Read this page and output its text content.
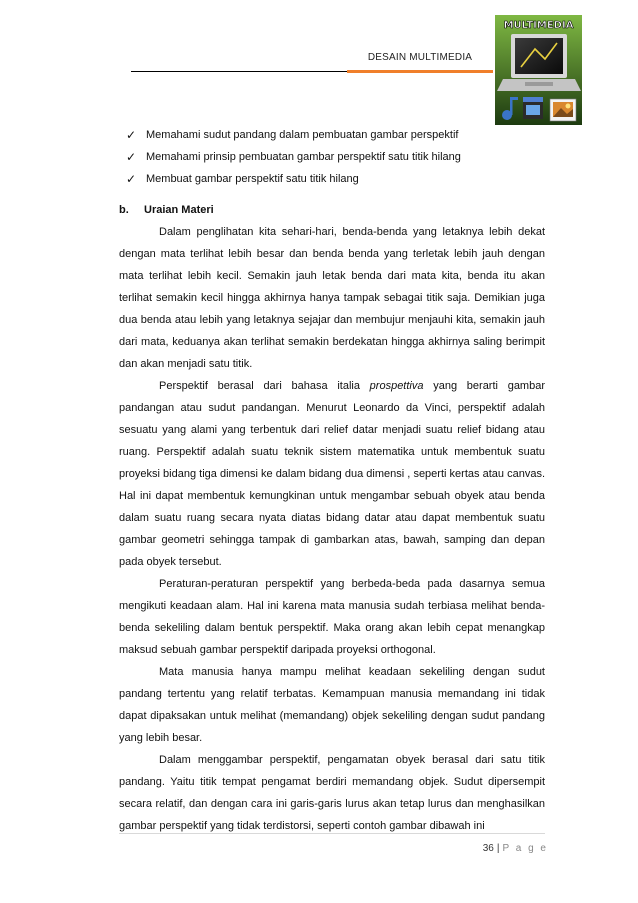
DESAIN MULTIMEDIA
MULTIMEDIA
✓ Memahami sudut pandang dalam pembuatan gambar perspektif
✓ Memahami prinsip pembuatan gambar perspektif satu titik hilang
✓ Membuat gambar perspektif satu titik hilang
b. Uraian Materi

Dalam penglihatan kita sehari-hari, benda-benda yang letaknya lebih dekat dengan mata terlihat lebih besar dan benda benda yang terletak lebih jauh dengan mata terlihat lebih kecil. Semakin jauh letak benda dari mata kita, benda itu akan terlihat semakin kecil hingga akhirnya hanya tampak sebagai titik saja. Demikian juga dua benda atau lebih yang letaknya sejajar dan membujur menjauhi kita, semakin jauh dari mata, keduanya akan terlihat semakin berdekatan hingga akhirnya saling berimpit dan akan menjadi satu titik.

Perspektif berasal dari bahasa italia prospettiva yang berarti gambar pandangan atau sudut pandangan. Menurut Leonardo da Vinci, perspektif adalah sesuatu yang alami yang terbentuk dari relief datar menjadi suatu relief bidang atau ruang. Perspektif adalah suatu teknik sistem matematika untuk membentuk suatu proyeksi bidang tiga dimensi ke dalam bidang dua dimensi , seperti kertas atau canvas. Hal ini dapat membentuk kemungkinan untuk mengambar sebuah obyek atau benda dalam suatu ruang secara nyata diatas bidang datar atau dapat membentuk suatu gambar geometri sehingga tampak di gambarkan atas, bawah, samping dan depan pada obyek tersebut.

Peraturan-peraturan perspektif yang berbeda-beda pada dasarnya semua mengikuti keadaan alam. Hal ini karena mata manusia sudah terbiasa melihat benda-benda sekeliling dalam bentuk perspektif. Maka orang akan lebih cepat menangkap maksud sebuah gambar perspektif daripada proyeksi orthogonal.

Mata manusia hanya mampu melihat keadaan sekeliling dengan sudut pandang tertentu yang relatif terbatas. Kemampuan manusia memandang ini tidak dapat dipaksakan untuk melihat (memandang) objek sekeliling dengan sudut pandang yang lebih besar.

Dalam menggambar perspektif, pengamatan obyek berasal dari satu titik pandang. Yaitu titik tempat pengamat berdiri memandang objek. Sudut dipersempit secara relatif, dan dengan cara ini garis-garis lurus akan tetap lurus dan menghasilkan gambar perspektif yang tidak terdistorsi, seperti contoh gambar dibawah ini

36 | P a g e
